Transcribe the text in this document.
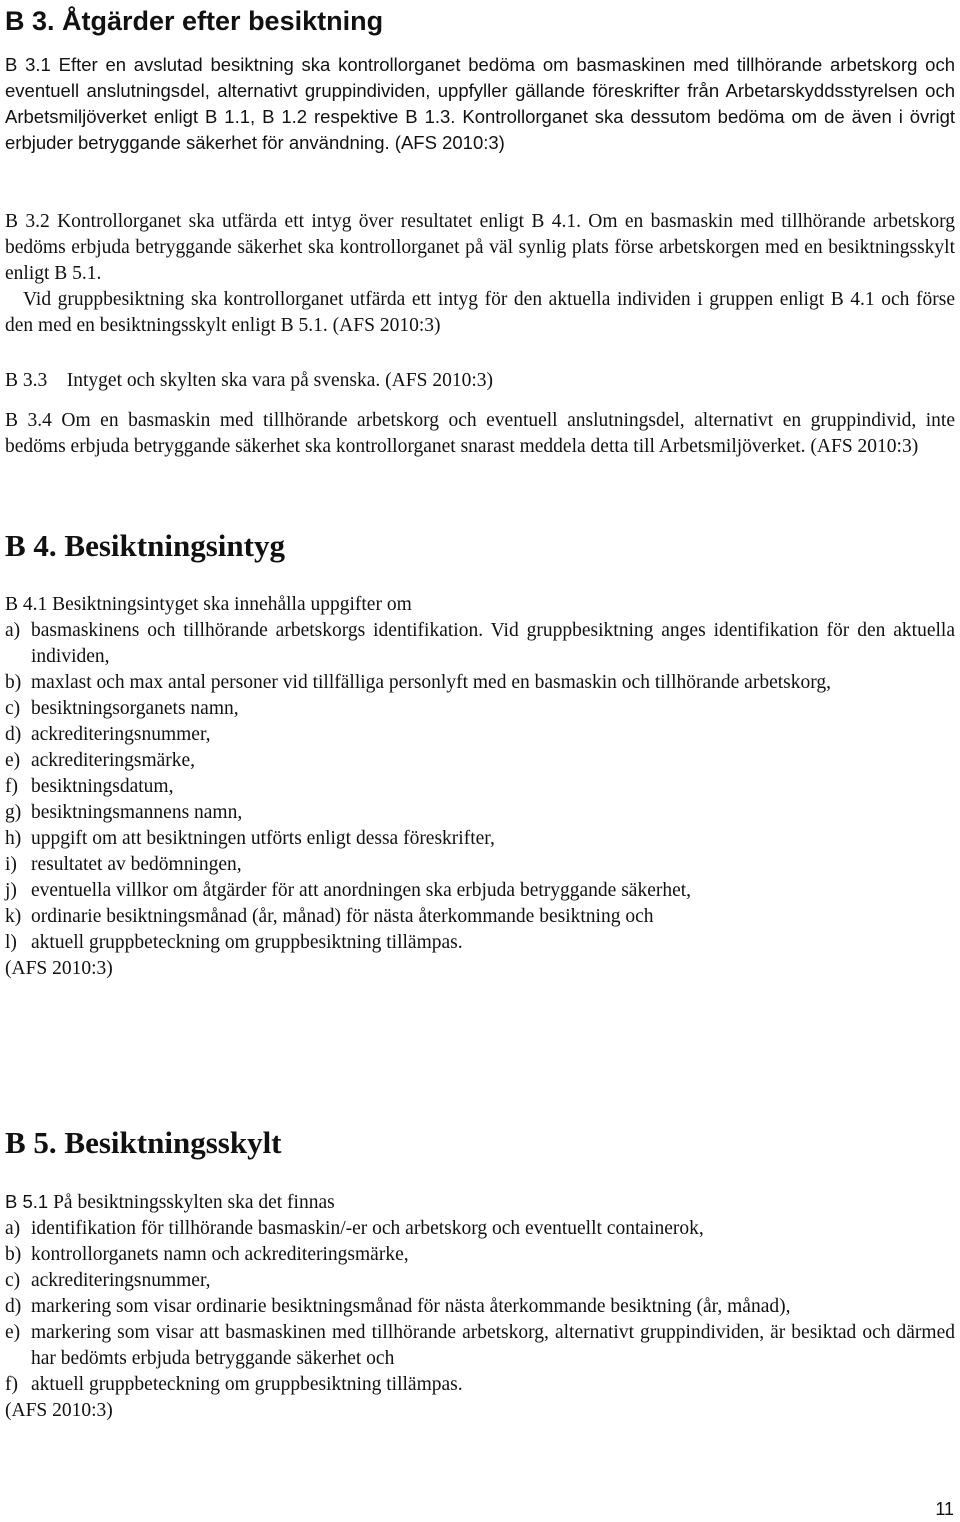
B 3. Åtgärder efter besiktning

B 3.1 Efter en avslutad besiktning ska kontrollorganet bedöma om basmaskinen med tillhörande arbetskorg och eventuell anslutningsdel, alternativt gruppindividen, uppfyller gällande föreskrifter från Arbetarskyddsstyrelsen och Arbetsmiljöverket enligt B 1.1, B 1.2 respektive B 1.3. Kontrollorganet ska dessutom bedöma om de även i övrigt erbjuder betryggande säkerhet för användning. (AFS 2010:3)

B 3.2 Kontrollorganet ska utfärda ett intyg över resultatet enligt B 4.1. Om en basmaskin med tillhörande arbetskorg bedöms erbjuda betryggande säkerhet ska kontrollorganet på väl synlig plats förse arbetskorgen med en besiktningsskylt enligt B 5.1.

Vid gruppbesiktning ska kontrollorganet utfärda ett intyg för den aktuella individen i gruppen enligt B 4.1 och förse den med en besiktningsskylt enligt B 5.1. (AFS 2010:3)

B 3.3 Intyget och skylten ska vara på svenska. (AFS 2010:3)

B 3.4 Om en basmaskin med tillhörande arbetskorg och eventuell anslutningsdel, alternativt en gruppindivid, inte bedöms erbjuda betryggande säkerhet ska kontrollorganet snarast meddela detta till Arbetsmiljöverket. (AFS 2010:3)

B 4. Besiktningsintyg

B 4.1 Besiktningsintyget ska innehålla uppgifter om

a) basmaskinens och tillhörande arbetskorgs identifikation. Vid gruppbesiktning anges identifikation för den aktuella individen,
b) maxlast och max antal personer vid tillfälliga personlyft med en basmaskin och tillhörande arbetskorg,
c) besiktningsorganets namn,
d) ackrediteringsnummer,
e) ackrediteringsmärke,
f) besiktningsdatum,
g) besiktningsmannens namn,
h) uppgift om att besiktningen utförts enligt dessa föreskrifter,
i) resultatet av bedömningen,
j) eventuella villkor om åtgärder för att anordningen ska erbjuda betryggande säkerhet,
k) ordinarie besiktningsmånad (år, månad) för nästa återkommande besiktning och
l) aktuell gruppbeteckning om gruppbesiktning tillämpas.

(AFS 2010:3)

B 5. Besiktningsskylt

B 5.1 På besiktningsskylten ska det finnas

a) identifikation för tillhörande basmaskin/-er och arbetskorg och eventuellt containerok,
b) kontrollorganets namn och ackrediteringsmärke,
c) ackrediteringsnummer,
d) markering som visar ordinarie besiktningsmånad för nästa återkommande besiktning (år, månad),
e) markering som visar att basmaskinen med tillhörande arbetskorg, alternativt gruppindividen, är besiktad och därmed har bedömts erbjuda betryggande säkerhet och
f) aktuell gruppbeteckning om gruppbesiktning tillämpas.

(AFS 2010:3)

11
